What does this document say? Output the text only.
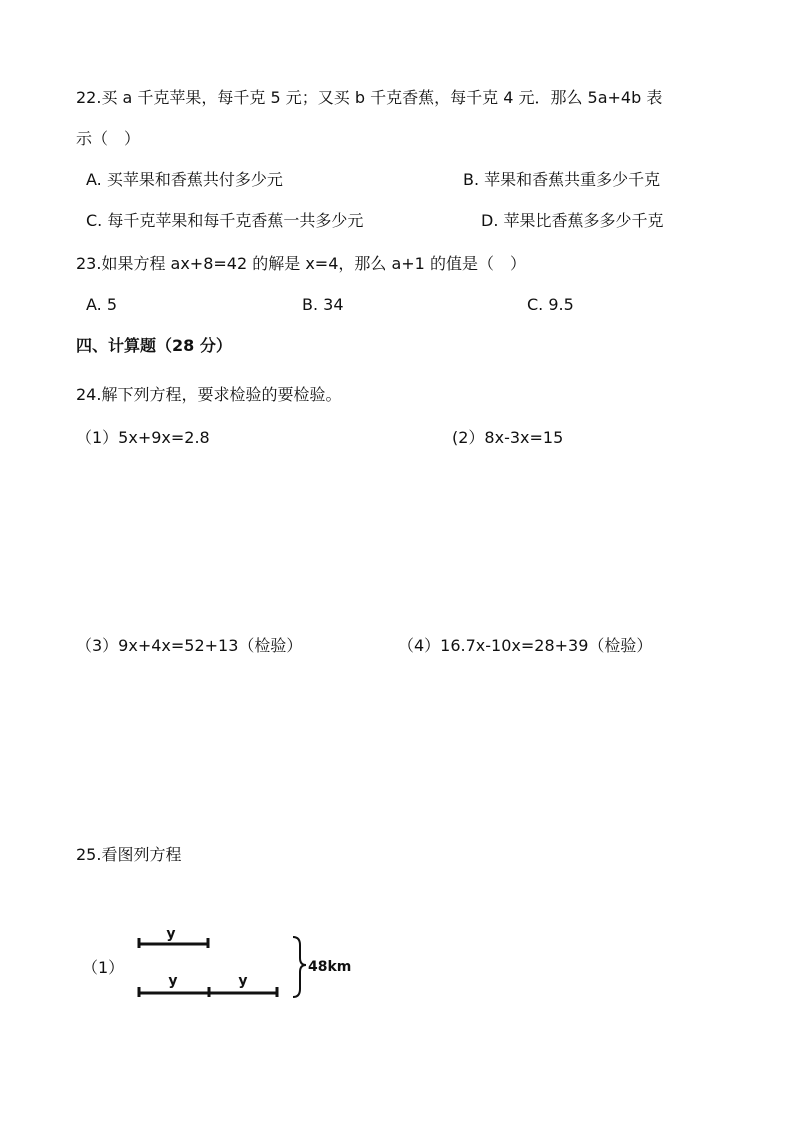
22.买 a 千克苹果，每千克 5 元；又买 b 千克香蕉，每千克 4 元．那么 5a+4b 表
示（　）
A. 买苹果和香蕉共付多少元	B. 苹果和香蕉共重多少千克
C. 每千克苹果和每千克香蕉一共多少元	D. 苹果比香蕉多多少千克
23.如果方程 ax+8=42 的解是 x=4，那么 a+1 的值是（　）
A. 5	B. 34	C. 9.5
四、计算题（28 分）
24.解下列方程，要求检验的要检验。
（1）5x+9x=2.8	(2）8x-3x=15
（3）9x+4x=52+13（检验）	（4）16.7x-10x=28+39（检验）
25.看图列方程
（1）
y
y	y
48km
